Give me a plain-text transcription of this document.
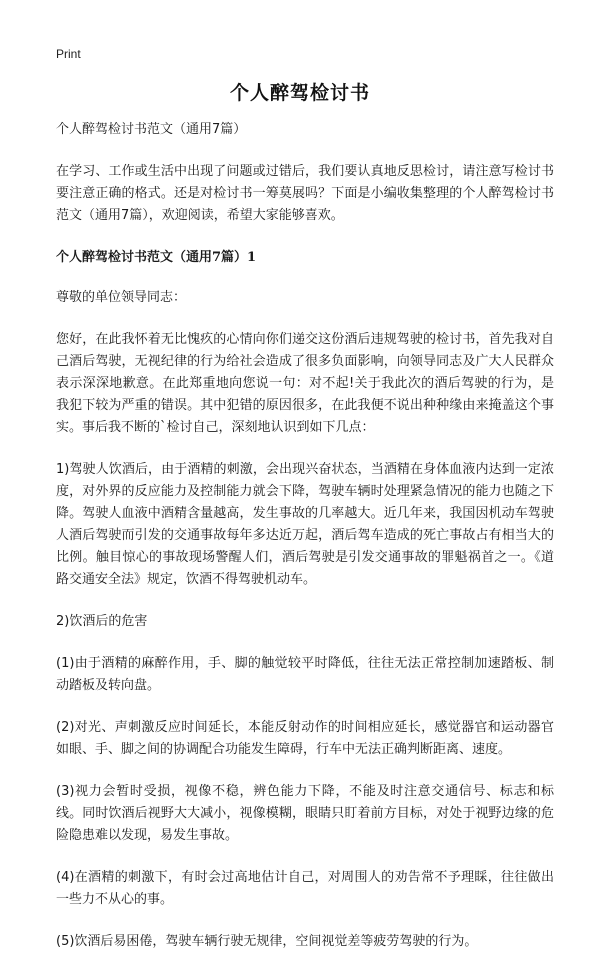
Print
个人醉驾检讨书

个人醉驾检讨书范文（通用7篇）

在学习、工作或生活中出现了问题或过错后，我们要认真地反思检讨，请注意写检讨书要注意正确的格式。还是对检讨书一筹莫展吗？下面是小编收集整理的个人醉驾检讨书范文（通用7篇），欢迎阅读，希望大家能够喜欢。

个人醉驾检讨书范文（通用7篇）1

尊敬的单位领导同志：

您好，在此我怀着无比愧疚的心情向你们递交这份酒后违规驾驶的检讨书，首先我对自己酒后驾驶，无视纪律的行为给社会造成了很多负面影响，向领导同志及广大人民群众表示深深地歉意。在此郑重地向您说一句：对不起!关于我此次的酒后驾驶的行为，是我犯下较为严重的错误。其中犯错的原因很多，在此我便不说出种种缘由来掩盖这个事实。事后我不断的`检讨自己，深刻地认识到如下几点：

1)驾驶人饮酒后，由于酒精的刺激，会出现兴奋状态，当酒精在身体血液内达到一定浓度，对外界的反应能力及控制能力就会下降，驾驶车辆时处理紧急情况的能力也随之下降。驾驶人血液中酒精含量越高，发生事故的几率越大。近几年来，我国因机动车驾驶人酒后驾驶而引发的交通事故每年多达近万起，酒后驾车造成的死亡事故占有相当大的比例。触目惊心的事故现场警醒人们，酒后驾驶是引发交通事故的罪魁祸首之一。《道路交通安全法》规定，饮酒不得驾驶机动车。

2)饮酒后的危害

(1)由于酒精的麻醉作用，手、脚的触觉较平时降低，往往无法正常控制加速踏板、制动踏板及转向盘。

(2)对光、声刺激反应时间延长，本能反射动作的时间相应延长，感觉器官和运动器官如眼、手、脚之间的协调配合功能发生障碍，行车中无法正确判断距离、速度。

(3)视力会暂时受损，视像不稳，辨色能力下降，不能及时注意交通信号、标志和标线。同时饮酒后视野大大减小，视像模糊，眼睛只盯着前方目标，对处于视野边缘的危险隐患难以发现，易发生事故。

(4)在酒精的刺激下，有时会过高地估计自己，对周围人的劝告常不予理睬，往往做出一些力不从心的事。

(5)饮酒后易困倦，驾驶车辆行驶无规律，空间视觉差等疲劳驾驶的行为。
